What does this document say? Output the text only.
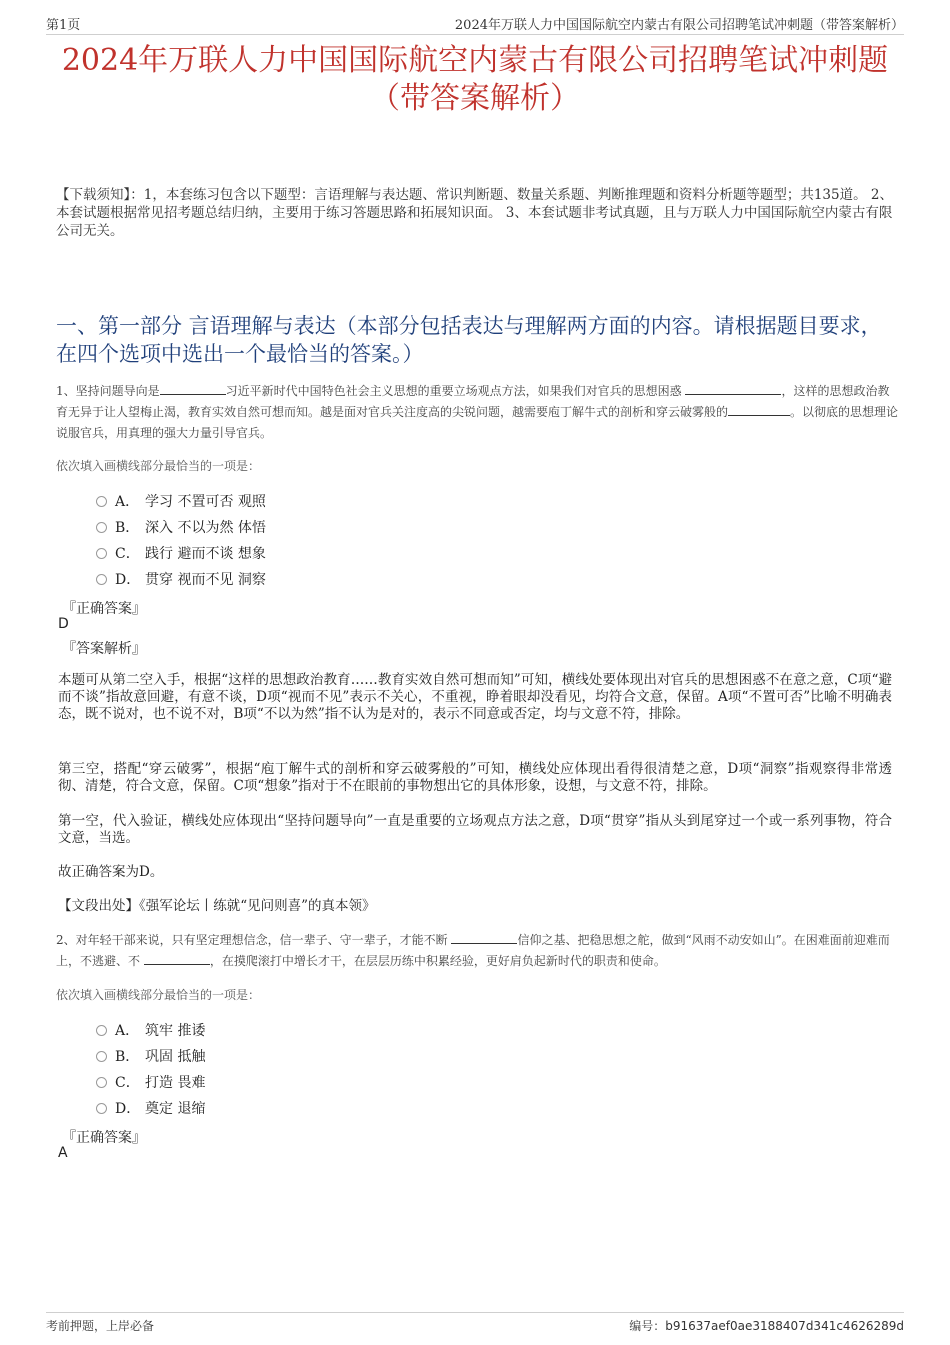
第1页	2024年万联人力中国国际航空内蒙古有限公司招聘笔试冲刺题（带答案解析）
2024年万联人力中国国际航空内蒙古有限公司招聘笔试冲刺题
（带答案解析）
【下载须知】：1，本套练习包含以下题型：言语理解与表达题、常识判断题、数量关系题、判断推理题和资料分析题等题型；共135道。 2、本套试题根据常见招考题总结归纳，主要用于练习答题思路和拓展知识面。 3、本套试题非考试真题，且与万联人力中国国际航空内蒙古有限公司无关。
一、第一部分 言语理解与表达（本部分包括表达与理解两方面的内容。请根据题目要求，在四个选项中选出一个最恰当的答案。）
1、坚持问题导向是	习近平新时代中国特色社会主义思想的重要立场观点方法，如果我们对官兵的思想困惑	，这样的思想政治教育无异于让人望梅止渴，教育实效自然可想而知。越是面对官兵关注度高的尖锐问题，越需要庖丁解牛式的剖析和穿云破雾般的	。以彻底的思想理论说服官兵，用真理的强大力量引导官兵。
依次填入画横线部分最恰当的一项是：
A． 学习 不置可否 观照
B． 深入 不以为然 体悟
C． 践行 避而不谈 想象
D． 贯穿 视而不见 洞察
『正确答案』
D
『答案解析』
本题可从第二空入手，根据“这样的思想政治教育……教育实效自然可想而知”可知，横线处要体现出对官兵的思想困惑不在意之意，C项“避而不谈”指故意回避，有意不谈，D项“视而不见”表示不关心，不重视，睁着眼却没看见，均符合文意，保留。A项“不置可否”比喻不明确表态，既不说对，也不说不对，B项“不以为然”指不认为是对的，表示不同意或否定，均与文意不符，排除。
第三空，搭配“穿云破雾”，根据“庖丁解牛式的剖析和穿云破雾般的”可知，横线处应体现出看得很清楚之意，D项“洞察”指观察得非常透彻、清楚，符合文意，保留。C项“想象”指对于不在眼前的事物想出它的具体形象，设想，与文意不符，排除。
第一空，代入验证，横线处应体现出“坚持问题导向”一直是重要的立场观点方法之意，D项“贯穿”指从头到尾穿过一个或一系列事物，符合文意，当选。
故正确答案为D。
【文段出处】《强军论坛丨练就“见问则喜”的真本领》
2、对年轻干部来说，只有坚定理想信念，信一辈子、守一辈子，才能不断	信仰之基、把稳思想之舵，做到“风雨不动安如山”。在困难面前迎难而上，不逃避、不	，在摸爬滚打中增长才干，在层层历练中积累经验，更好肩负起新时代的职责和使命。
依次填入画横线部分最恰当的一项是：
A． 筑牢 推诿
B． 巩固 抵触
C． 打造 畏难
D． 奠定 退缩
『正确答案』
A
考前押题，上岸必备	编号：b91637aef0ae3188407d341c4626289d
